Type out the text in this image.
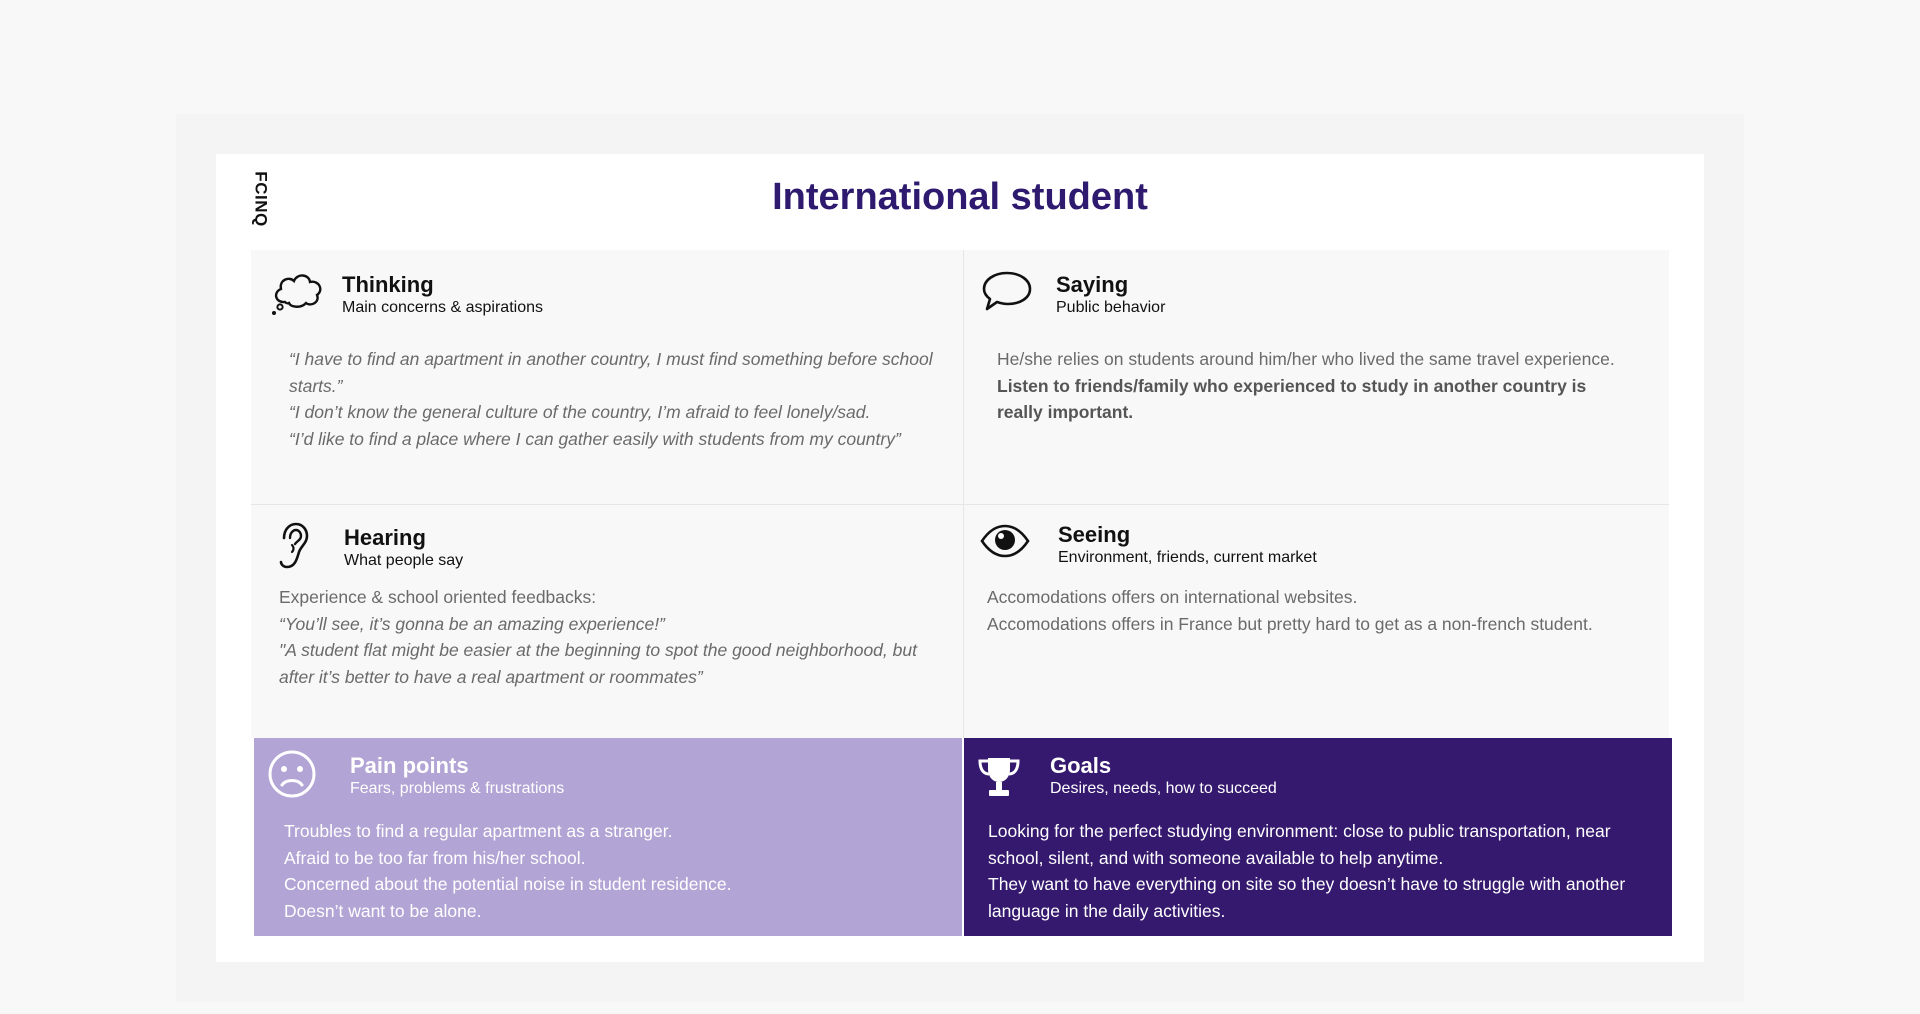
FCINQ	International student
Thinking
Main concerns & aspirations
“I have to find an apartment in another country, I must find something before school starts.”
“I don’t know the general culture of the country, I’m afraid to feel lonely/sad.
“I’d like to find a place where I can gather easily with students from my country”
Saying
Public behavior
He/she relies on students around him/her who lived the same travel experience.
Listen to friends/family who experienced to study in another country is really important.
Hearing
What people say
Experience & school oriented feedbacks:
“You’ll see, it’s gonna be an amazing experience!”
"A student flat might be easier at the beginning to spot the good neighborhood, but after it’s better to have a real apartment or roommates”
Seeing
Environment, friends, current market
Accomodations offers on international websites.
Accomodations offers in France but pretty hard to get as a non-french student.
Pain points
Fears, problems & frustrations
Troubles to find a regular apartment as a stranger.
Afraid to be too far from his/her school.
Concerned about the potential noise in student residence.
Doesn’t want to be alone.
Goals
Desires, needs, how to succeed
Looking for the perfect studying environment: close to public transportation, near school, silent, and with someone available to help anytime.
They want to have everything on site so they doesn’t have to struggle with another language in the daily activities.
